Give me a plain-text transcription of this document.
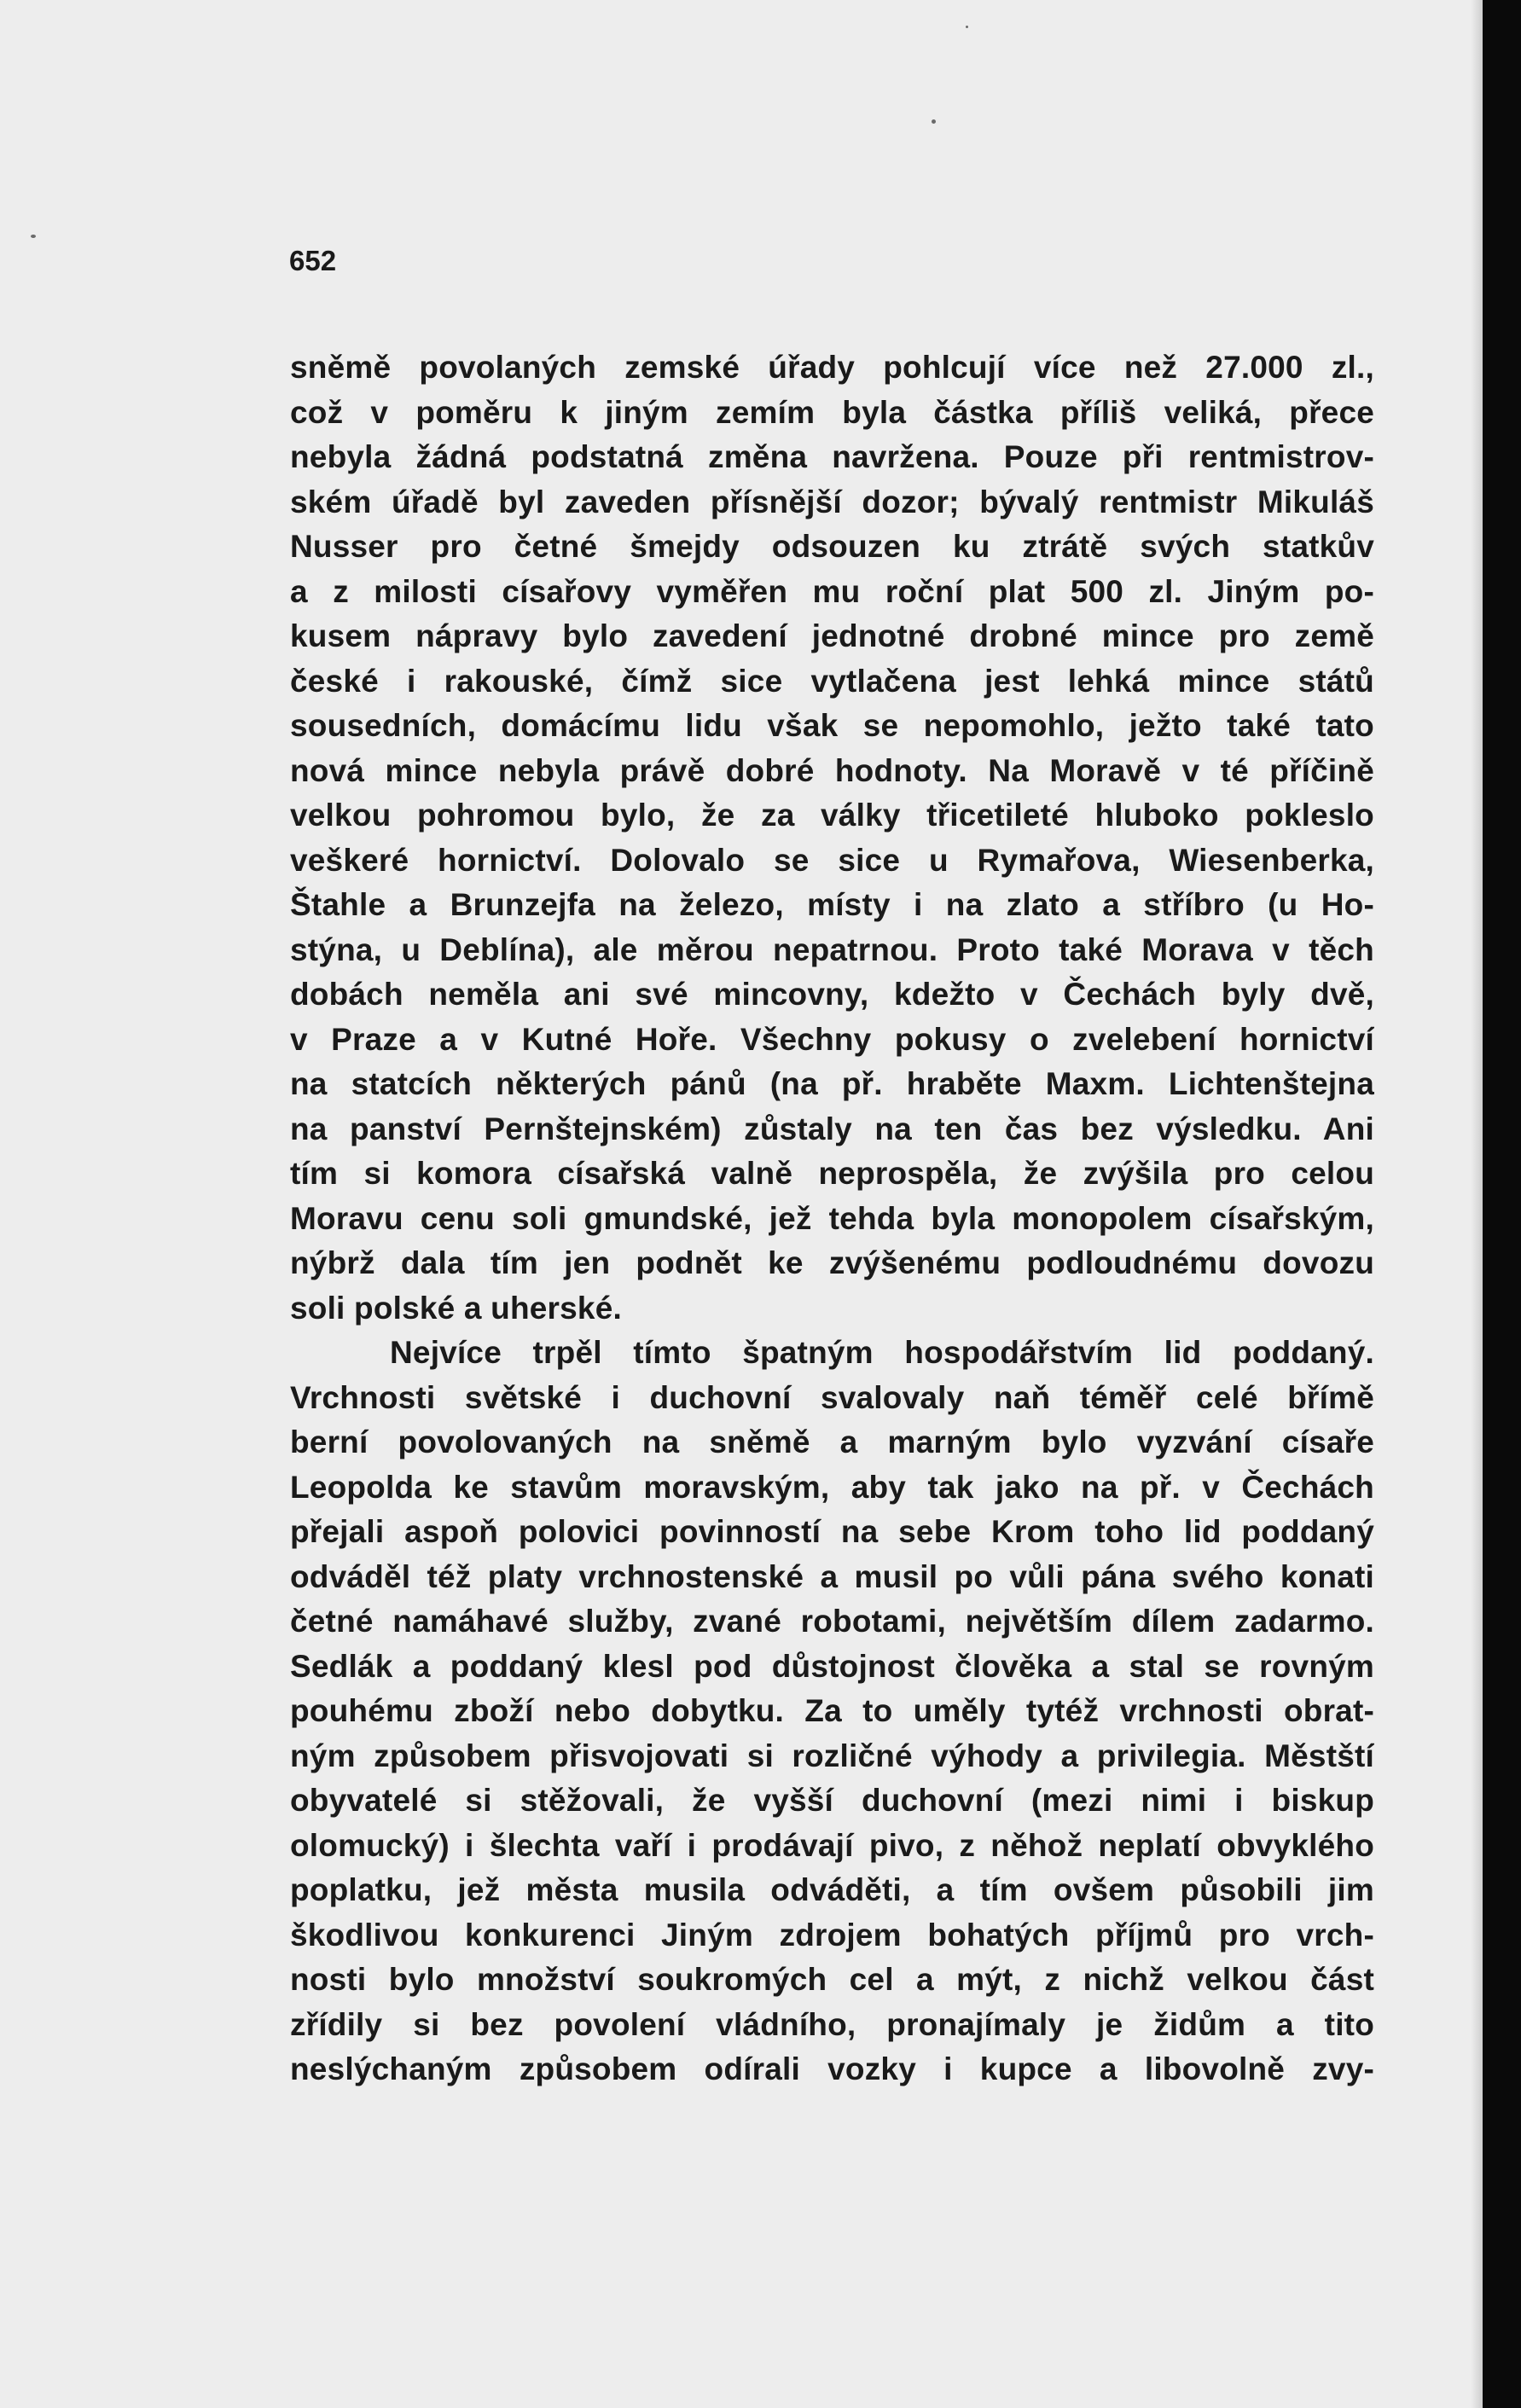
652

sněmě povolaných zemské úřady pohlcují více než 27.000 zl.,
což v poměru k jiným zemím byla částka příliš veliká, přece
nebyla žádná podstatná změna navržena. Pouze při rentmistrov-
ském úřadě byl zaveden přísnější dozor; bývalý rentmistr Mikuláš
Nusser pro četné šmejdy odsouzen ku ztrátě svých statkův
a z milosti císařovy vyměřen mu roční plat 500 zl. Jiným po-
kusem nápravy bylo zavedení jednotné drobné mince pro země
české i rakouské, čímž sice vytlačena jest lehká mince států
sousedních, domácímu lidu však se nepomohlo, ježto také tato
nová mince nebyla právě dobré hodnoty. Na Moravě v té příčině
velkou pohromou bylo, že za války třicetileté hluboko pokleslo
veškeré hornictví. Dolovalo se sice u Rymařova, Wiesenberka,
Štahle a Brunzejfa na železo, místy i na zlato a stříbro (u Ho-
stýna, u Deblína), ale měrou nepatrnou. Proto také Morava v těch
dobách neměla ani své mincovny, kdežto v Čechách byly dvě,
v Praze a v Kutné Hoře. Všechny pokusy o zvelebení hornictví
na statcích některých pánů (na př. hraběte Maxm. Lichtenštejna
na panství Pernštejnském) zůstaly na ten čas bez výsledku. Ani
tím si komora císařská valně neprospěla, že zvýšila pro celou
Moravu cenu soli gmundské, jež tehda byla monopolem císařským,
nýbrž dala tím jen podnět ke zvýšenému podloudnému dovozu
soli polské a uherské.
Nejvíce trpěl tímto špatným hospodářstvím lid poddaný.
Vrchnosti světské i duchovní svalovaly naň téměř celé břímě
berní povolovaných na sněmě a marným bylo vyzvání císaře
Leopolda ke stavům moravským, aby tak jako na př. v Čechách
přejali aspoň polovici povinností na sebe Krom toho lid poddaný
odváděl též platy vrchnostenské a musil po vůli pána svého konati
četné namáhavé služby, zvané robotami, největším dílem zadarmo.
Sedlák a poddaný klesl pod důstojnost člověka a stal se rovným
pouhému zboží nebo dobytku. Za to uměly tytéž vrchnosti obrat-
ným způsobem přisvojovati si rozličné výhody a privilegia. Městští
obyvatelé si stěžovali, že vyšší duchovní (mezi nimi i biskup
olomucký) i šlechta vaří i prodávají pivo, z něhož neplatí obvyklého
poplatku, jež města musila odváděti, a tím ovšem působili jim
škodlivou konkurenci Jiným zdrojem bohatých příjmů pro vrch-
nosti bylo množství soukromých cel a mýt, z nichž velkou část
zřídily si bez povolení vládního, pronajímaly je židům a tito
neslýchaným způsobem odírali vozky i kupce a libovolně zvy-
